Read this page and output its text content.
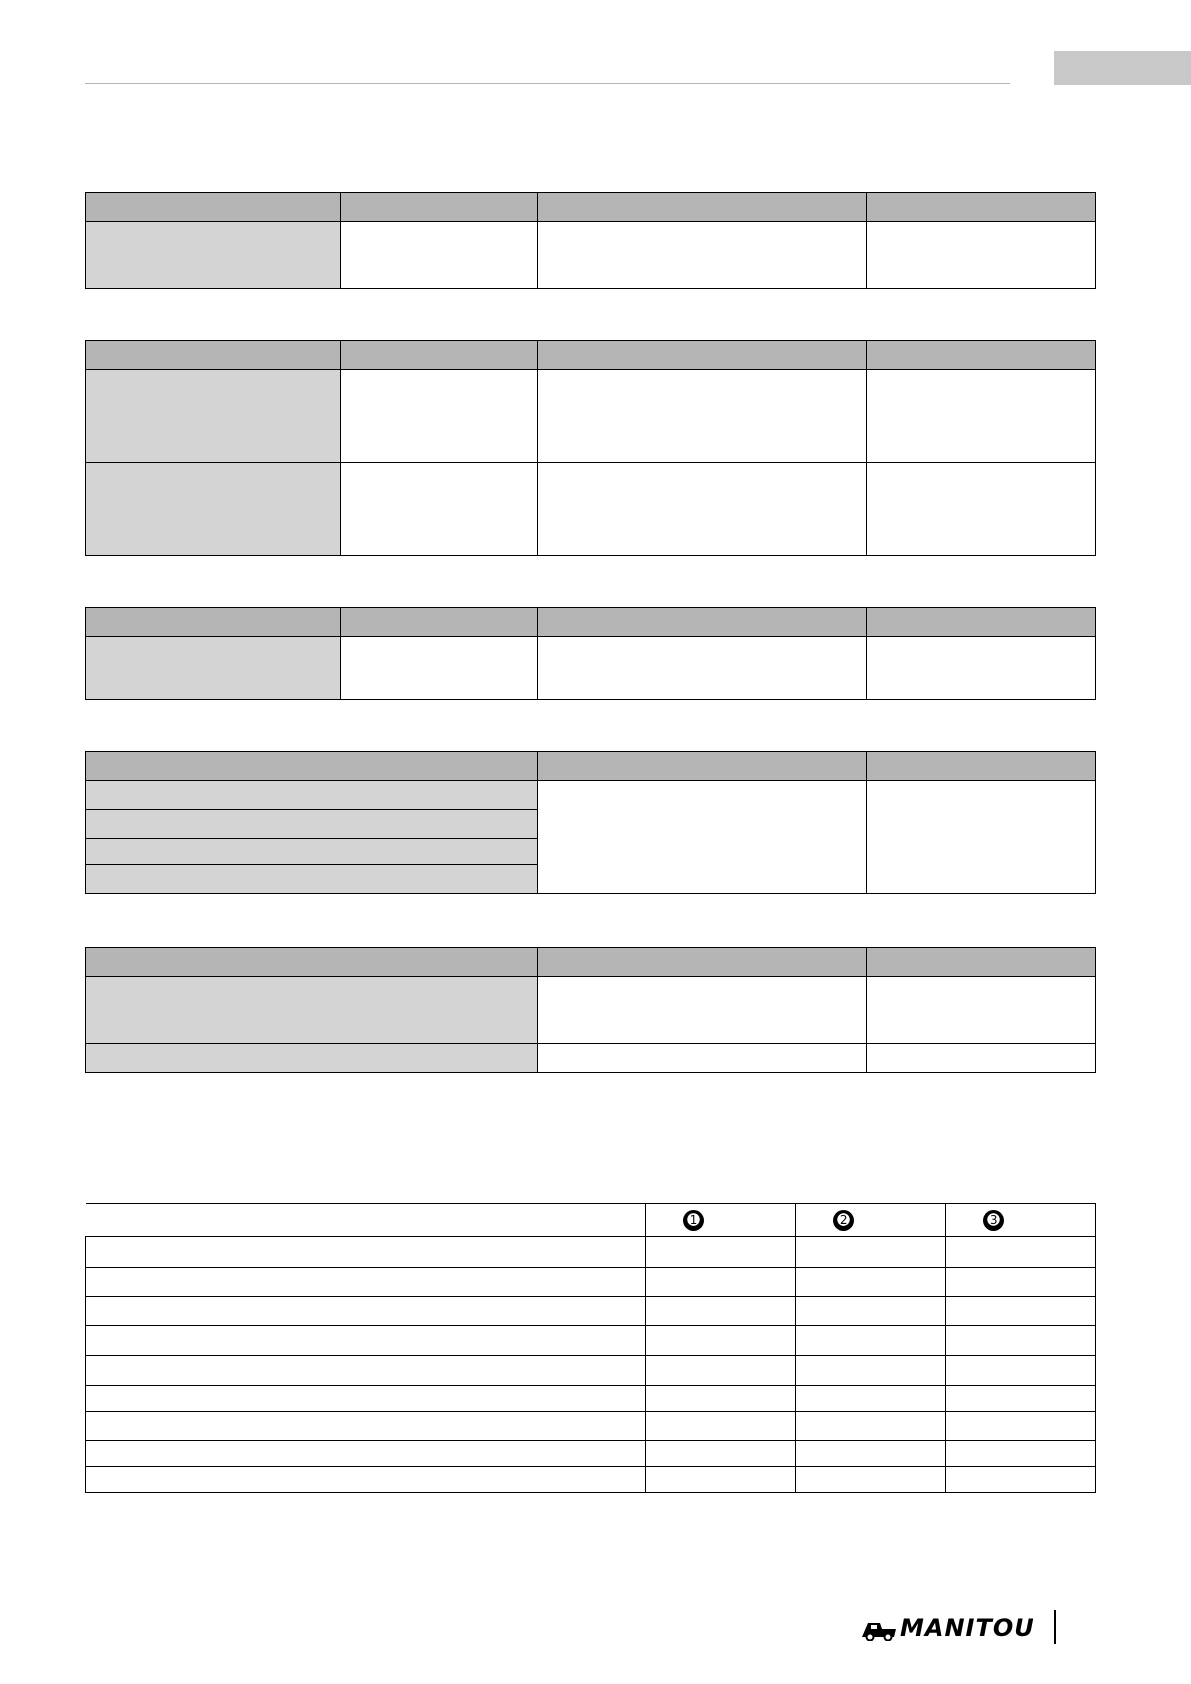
	➊	➋	➌

MANITOU
